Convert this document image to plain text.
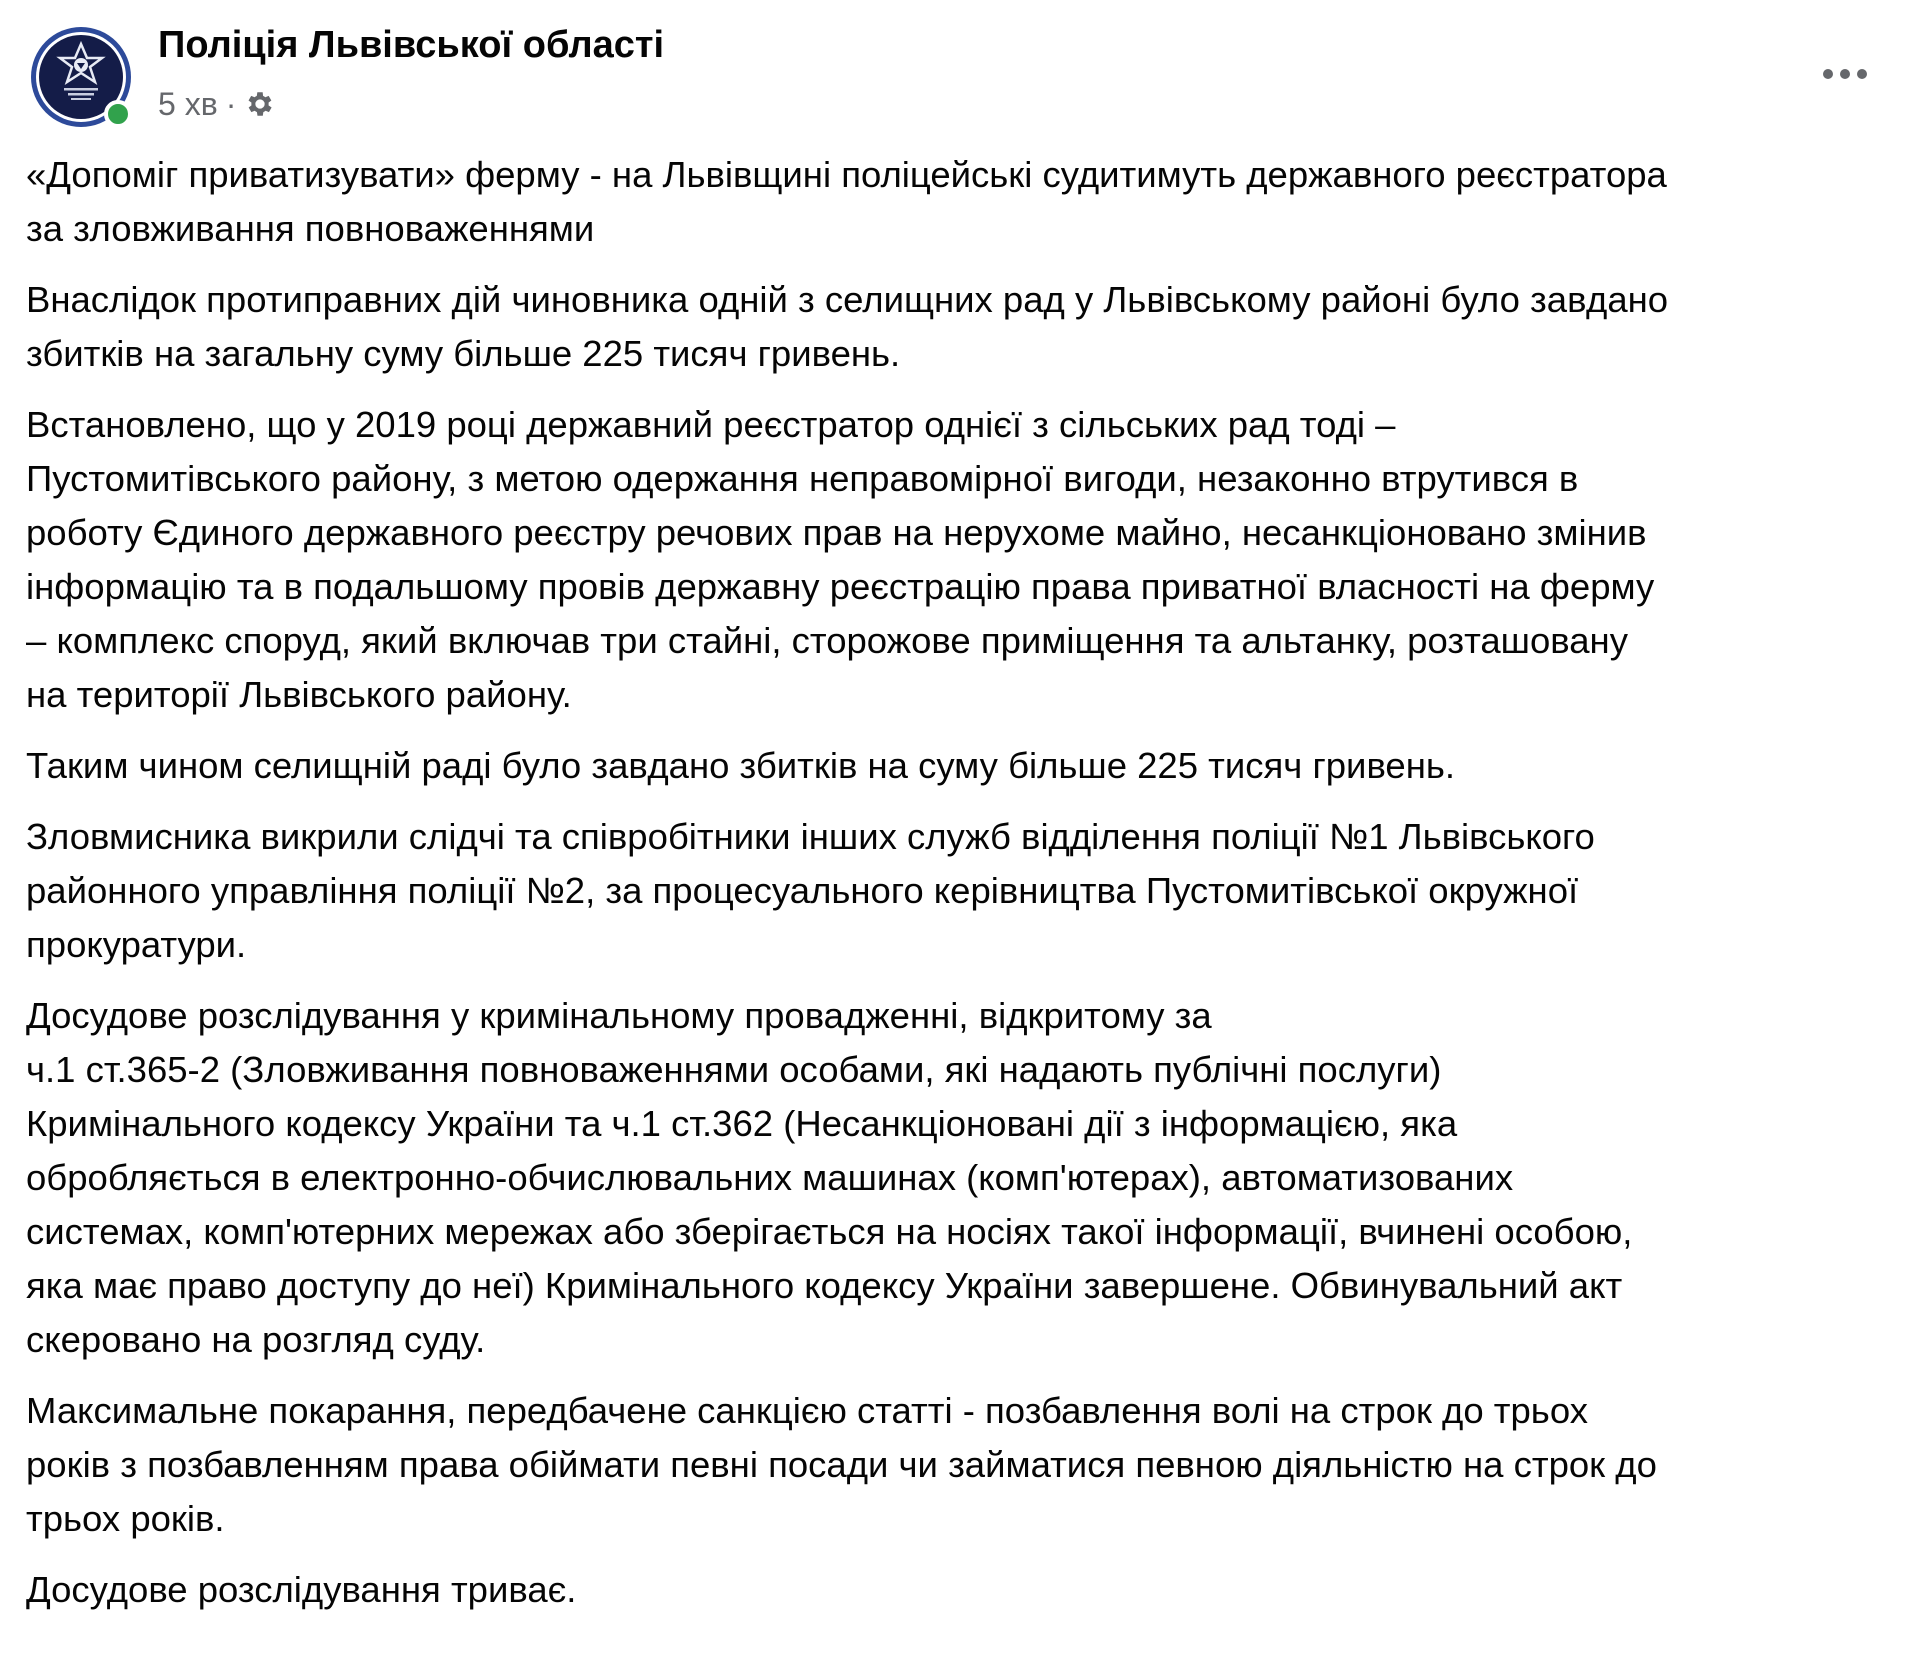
Поліція Львівської області
5 хв ·

«Допоміг приватизувати» ферму - на Львівщині поліцейські судитимуть державного реєстратора
за зловживання повноваженнями

Внаслідок протиправних дій чиновника одній з селищних рад у Львівському районі було завдано
збитків на загальну суму більше 225 тисяч гривень.

Встановлено, що у 2019 році державний реєстратор однієї з сільських рад тоді –
Пустомитівського району, з метою одержання неправомірної вигоди, незаконно втрутився в
роботу Єдиного державного реєстру речових прав на нерухоме майно, несанкціоновано змінив
інформацію та в подальшому провів державну реєстрацію права приватної власності на ферму
– комплекс споруд, який включав три стайні, сторожове приміщення та альтанку, розташовану
на території Львівського району.

Таким чином селищній раді було завдано збитків на суму більше 225 тисяч гривень.

Зловмисника викрили слідчі та співробітники інших служб відділення поліції №1 Львівського
районного управління поліції №2, за процесуального керівництва Пустомитівської окружної
прокуратури.

Досудове розслідування у кримінальному провадженні, відкритому за
ч.1 ст.365-2 (Зловживання повноваженнями особами, які надають публічні послуги)
Кримінального кодексу України та ч.1 ст.362 (Несанкціоновані дії з інформацією, яка
обробляється в електронно-обчислювальних машинах (комп'ютерах), автоматизованих
системах, комп'ютерних мережах або зберігається на носіях такої інформації, вчинені особою,
яка має право доступу до неї) Кримінального кодексу України завершене. Обвинувальний акт
скеровано на розгляд суду.

Максимальне покарання, передбачене санкцією статті - позбавлення волі на строк до трьох
років з позбавленням права обіймати певні посади чи займатися певною діяльністю на строк до
трьох років.

Досудове розслідування триває.
